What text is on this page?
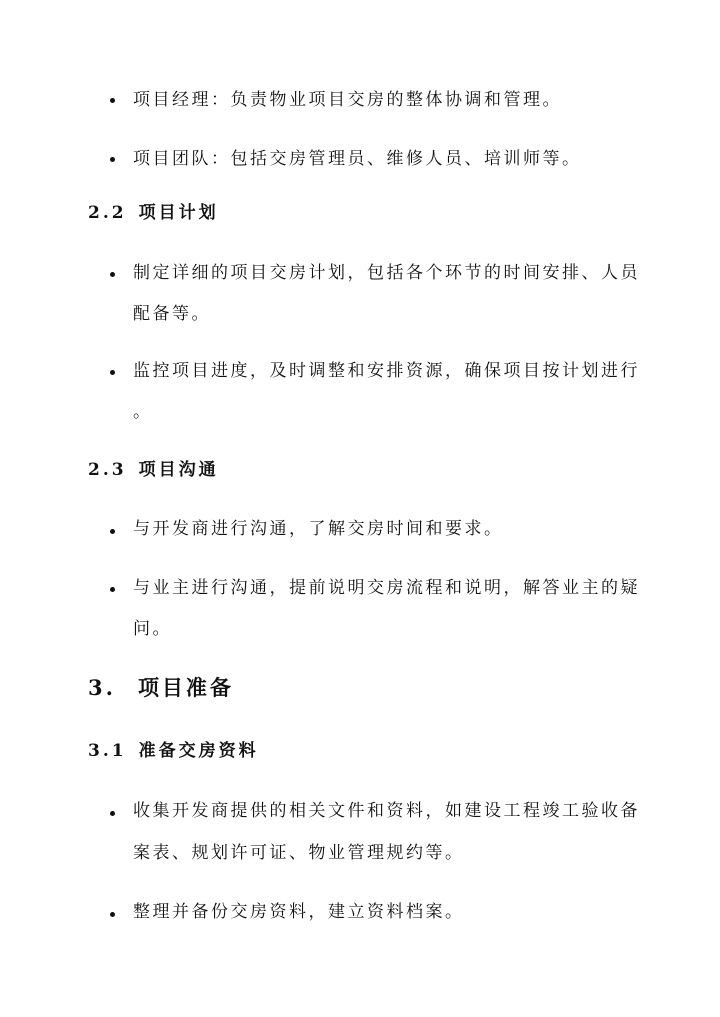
项目经理：负责物业项目交房的整体协调和管理。
项目团队：包括交房管理员、维修人员、培训师等。
2.2 项目计划
制定详细的项目交房计划，包括各个环节的时间安排、人员
配备等。
监控项目进度，及时调整和安排资源，确保项目按计划进行
。
2.3 项目沟通
与开发商进行沟通，了解交房时间和要求。
与业主进行沟通，提前说明交房流程和说明，解答业主的疑
问。
3. 项目准备
3.1 准备交房资料
收集开发商提供的相关文件和资料，如建设工程竣工验收备
案表、规划许可证、物业管理规约等。
整理并备份交房资料，建立资料档案。
